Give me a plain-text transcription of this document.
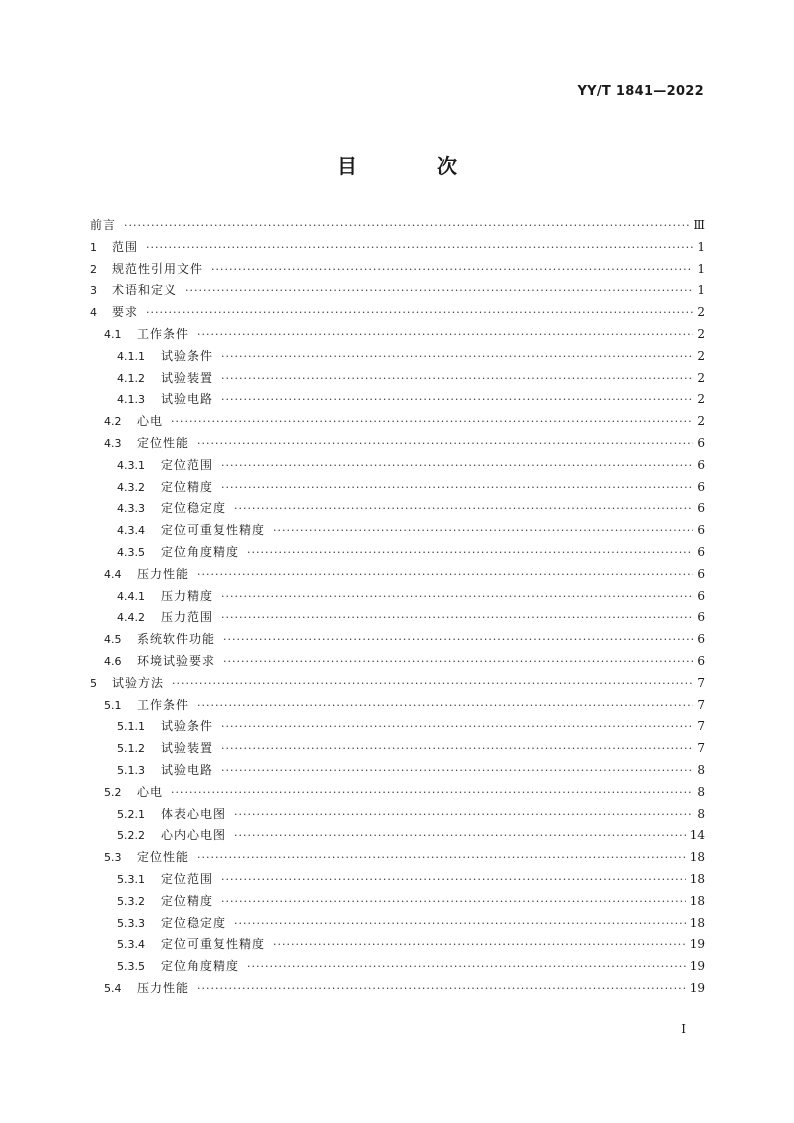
YY/T 1841—2022
目　次
前言 ·····	Ⅲ
1	范围 ·····	1
2	规范性引用文件 ·····	1
3	术语和定义 ·····	1
4	要求 ·····	2
4.1	工作条件 ·····	2
4.1.1	试验条件 ·····	2
4.1.2	试验装置 ·····	2
4.1.3	试验电路 ·····	2
4.2	心电 ·····	2
4.3	定位性能 ·····	6
4.3.1	定位范围 ·····	6
4.3.2	定位精度 ·····	6
4.3.3	定位稳定度 ·····	6
4.3.4	定位可重复性精度 ·····	6
4.3.5	定位角度精度 ·····	6
4.4	压力性能 ·····	6
4.4.1	压力精度 ·····	6
4.4.2	压力范围 ·····	6
4.5	系统软件功能 ·····	6
4.6	环境试验要求 ·····	6
5	试验方法 ·····	7
5.1	工作条件 ·····	7
5.1.1	试验条件 ·····	7
5.1.2	试验装置 ·····	7
5.1.3	试验电路 ·····	8
5.2	心电 ·····	8
5.2.1	体表心电图 ·····	8
5.2.2	心内心电图 ·····	14
5.3	定位性能 ·····	18
5.3.1	定位范围 ·····	18
5.3.2	定位精度 ·····	18
5.3.3	定位稳定度 ·····	18
5.3.4	定位可重复性精度 ·····	19
5.3.5	定位角度精度 ·····	19
5.4	压力性能 ·····	19
Ⅰ
